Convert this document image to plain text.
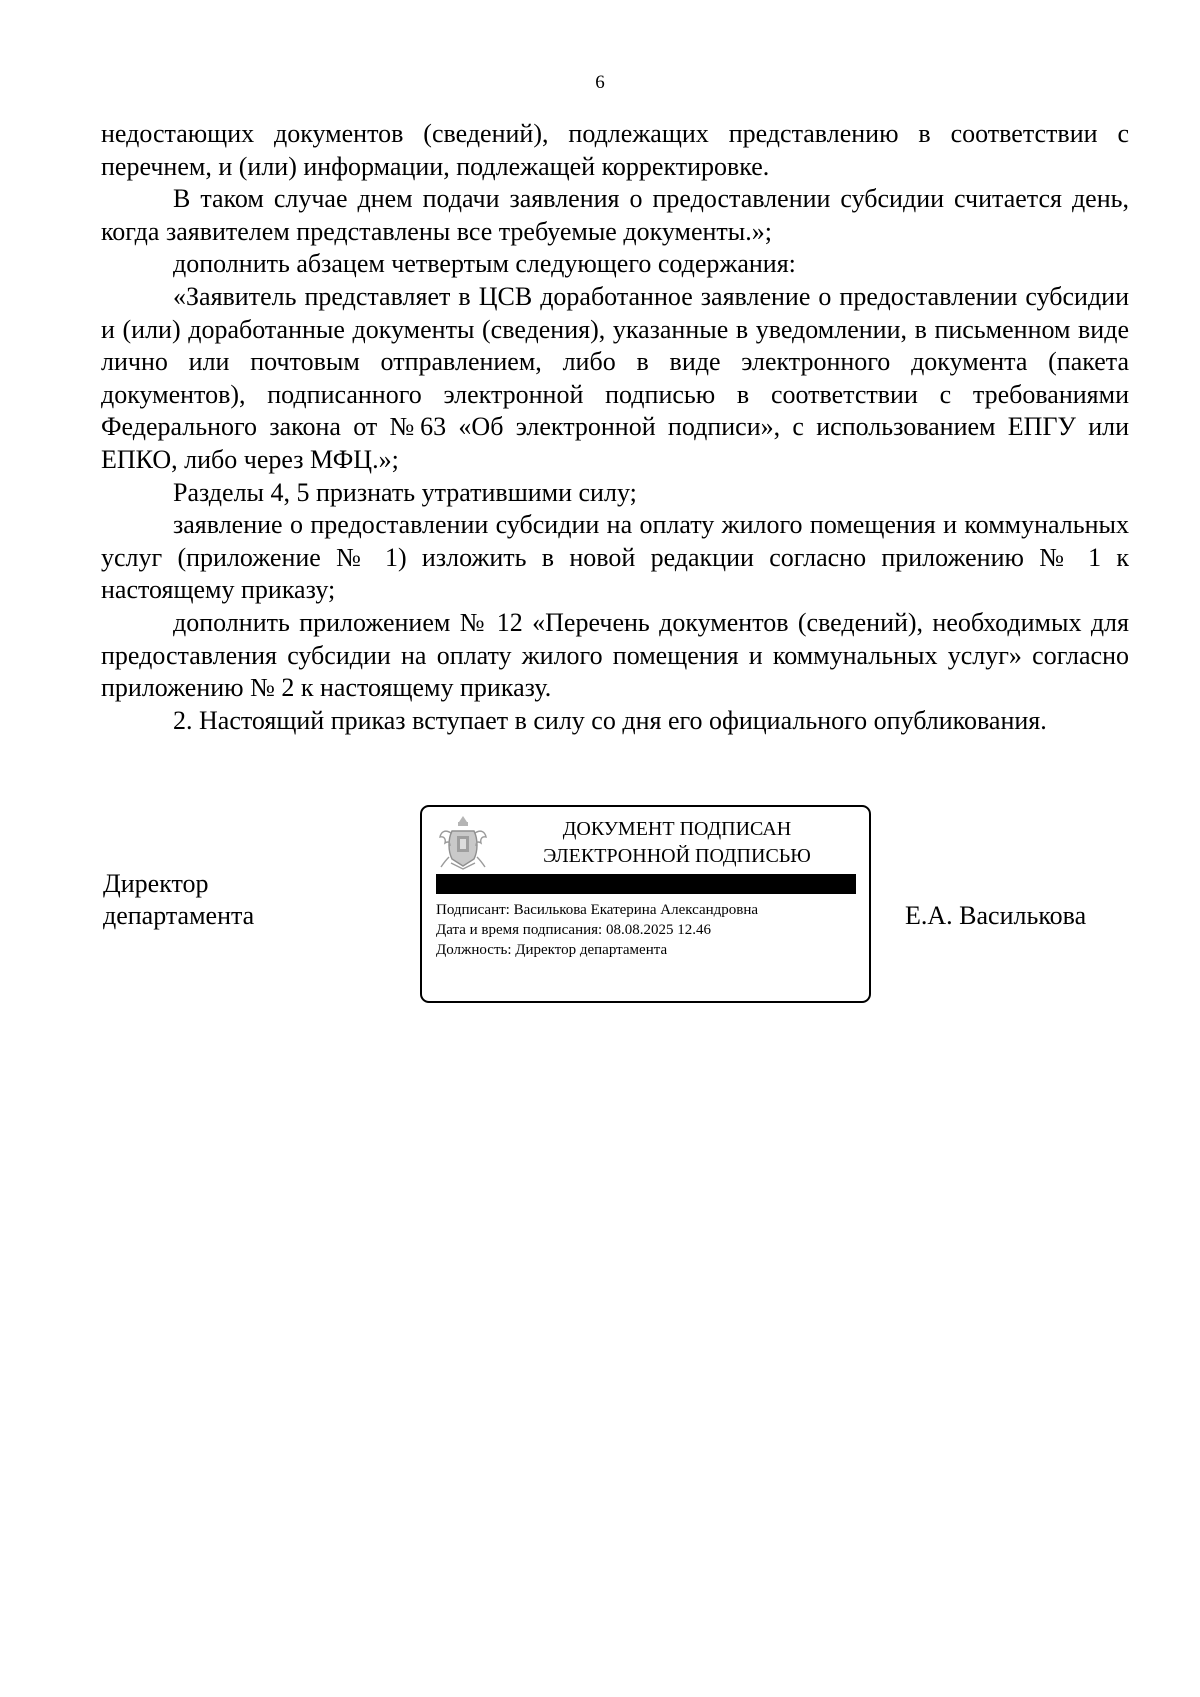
6

недостающих документов (сведений), подлежащих представлению в соответствии с перечнем, и (или) информации, подлежащей корректировке.

В таком случае днем подачи заявления о предоставлении субсидии считается день, когда заявителем представлены все требуемые документы.»;

дополнить абзацем четвертым следующего содержания:

«Заявитель представляет в ЦСВ доработанное заявление о предоставлении субсидии и (или) доработанные документы (сведения), указанные в уведомлении, в письменном виде лично или почтовым отправлением, либо в виде электронного документа (пакета документов), подписанного электронной подписью в соответствии с требованиями Федерального закона от №63 «Об электронной подписи», с использованием ЕПГУ или ЕПКО, либо через МФЦ.»;

Разделы 4, 5 признать утратившими силу;

заявление о предоставлении субсидии на оплату жилого помещения и коммунальных услуг (приложение № 1) изложить в новой редакции согласно приложению № 1 к настоящему приказу;

дополнить приложением № 12 «Перечень документов (сведений), необходимых для предоставления субсидии на оплату жилого помещения и коммунальных услуг» согласно приложению № 2 к настоящему приказу.

2. Настоящий приказ вступает в силу со дня его официального опубликования.

Директор
департамента
ДОКУМЕНТ ПОДПИСАН
ЭЛЕКТРОННОЙ ПОДПИСЬЮ
Подписант: Василькова Екатерина Александровна
Дата и время подписания: 08.08.2025 12.46
Должность: Директор департамента
Е.А. Василькова
